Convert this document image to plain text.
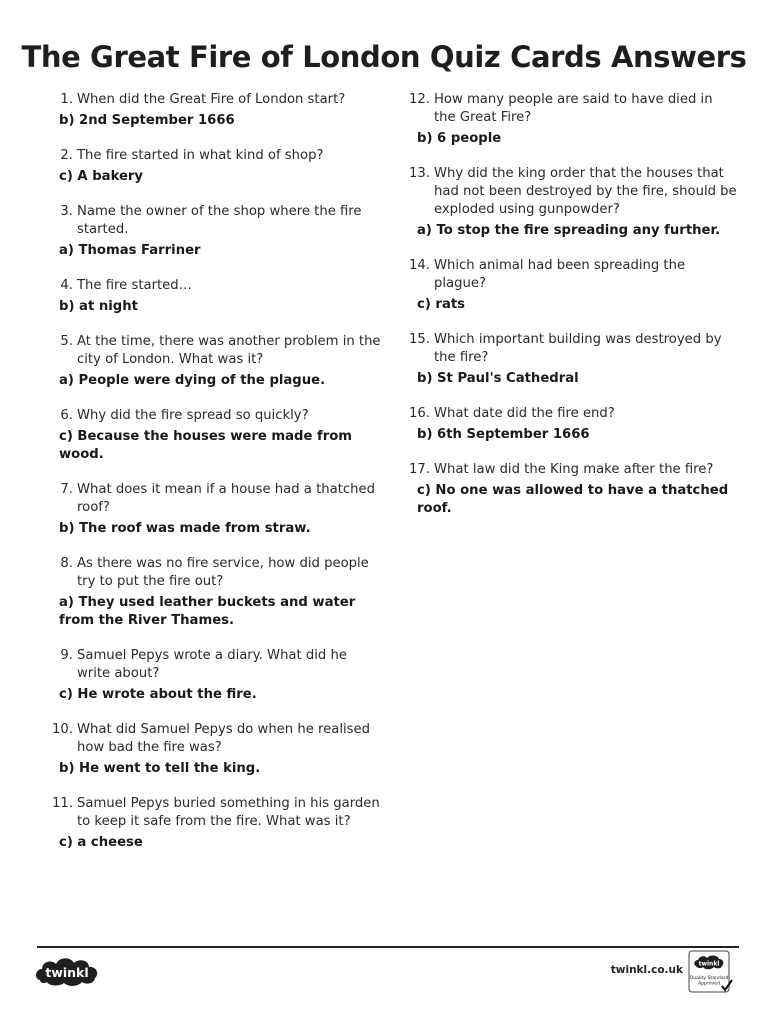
The Great Fire of London Quiz Cards Answers
1. When did the Great Fire of London start?
b) 2nd September 1666
2. The fire started in what kind of shop?
c) A bakery
3. Name the owner of the shop where the fire started.
a) Thomas Farriner
4. The fire started…
b) at night
5. At the time, there was another problem in the city of London. What was it?
a) People were dying of the plague.
6. Why did the fire spread so quickly?
c) Because the houses were made from wood.
7. What does it mean if a house had a thatched roof?
b) The roof was made from straw.
8. As there was no fire service, how did people try to put the fire out?
a) They used leather buckets and water from the River Thames.
9. Samuel Pepys wrote a diary. What did he write about?
c) He wrote about the fire.
10. What did Samuel Pepys do when he realised how bad the fire was?
b) He went to tell the king.
11. Samuel Pepys buried something in his garden to keep it safe from the fire. What was it?
c) a cheese
12. How many people are said to have died in the Great Fire?
b) 6 people
13. Why did the king order that the houses that had not been destroyed by the fire, should be exploded using gunpowder?
a) To stop the fire spreading any further.
14. Which animal had been spreading the plague?
c) rats
15. Which important building was destroyed by the fire?
b) St Paul's Cathedral
16. What date did the fire end?
b) 6th September 1666
17. What law did the King make after the fire?
c) No one was allowed to have a thatched roof.
twinkl	twinkl.co.uk	twinkl
Quality Standard
Approved
